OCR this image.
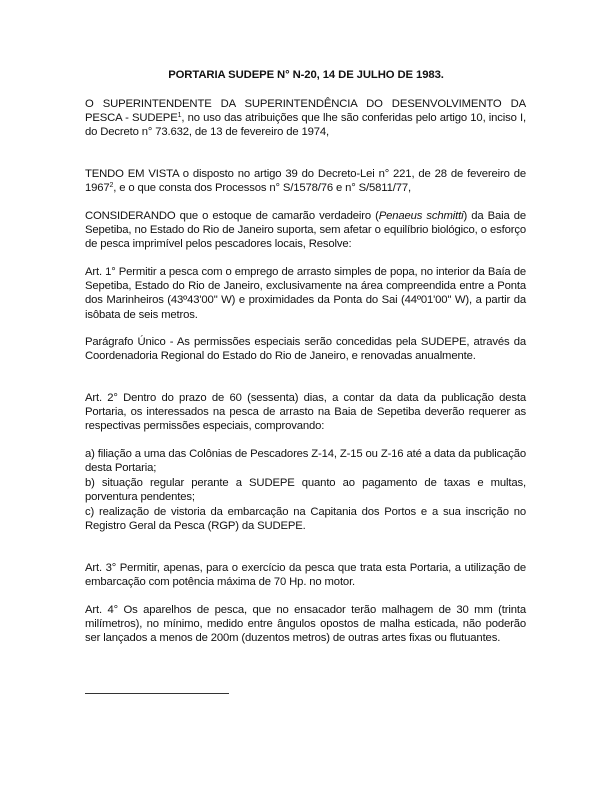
PORTARIA SUDEPE N° N-20, 14 DE JULHO DE 1983.
O SUPERINTENDENTE DA SUPERINTENDÊNCIA DO DESENVOLVIMENTO DA PESCA - SUDEPE$^1$, no uso das atribuições que lhe são conferidas pelo artigo 10, inciso I, do Decreto n° 73.632, de 13 de fevereiro de 1974,
TENDO EM VISTA o disposto no artigo 39 do Decreto-Lei n° 221, de 28 de fevereiro de 1967$^2$, e o que consta dos Processos n° S/1578/76 e n° S/5811/77,
CONSIDERANDO que o estoque de camarão verdadeiro (Penaeus schmitti) da Baia de Sepetiba, no Estado do Rio de Janeiro suporta, sem afetar o equilíbrio biológico, o esforço de pesca imprimível pelos pescadores locais, Resolve:
Art. 1° Permitir a pesca com o emprego de arrasto simples de popa, no interior da Baía de Sepetiba, Estado do Rio de Janeiro, exclusivamente na área compreendida entre a Ponta dos Marinheiros (43º43'00" W) e proximidades da Ponta do Sai (44º01'00" W), a partir da isôbata de seis metros.
Parágrafo Único - As permissões especiais serão concedidas pela SUDEPE, através da Coordenadoria Regional do Estado do Rio de Janeiro, e renovadas anualmente.
Art. 2° Dentro do prazo de 60 (sessenta) dias, a contar da data da publicação desta Portaria, os interessados na pesca de arrasto na Baia de Sepetiba deverão requerer as respectivas permissões especiais, comprovando:
a) filiação a uma das Colônias de Pescadores Z-14, Z-15 ou Z-16 até a data da publicação desta Portaria;
b) situação regular perante a SUDEPE quanto ao pagamento de taxas e multas, porventura pendentes;
c) realização de vistoria da embarcação na Capitania dos Portos e a sua inscrição no Registro Geral da Pesca (RGP) da SUDEPE.
Art. 3° Permitir, apenas, para o exercício da pesca que trata esta Portaria, a utilização de embarcação com potência máxima de 70 Hp. no motor.
Art. 4° Os aparelhos de pesca, que no ensacador terão malhagem de 30 mm (trinta milímetros), no mínimo, medido entre ângulos opostos de malha esticada, não poderão ser lançados a menos de 200m (duzentos metros) de outras artes fixas ou flutuantes.
